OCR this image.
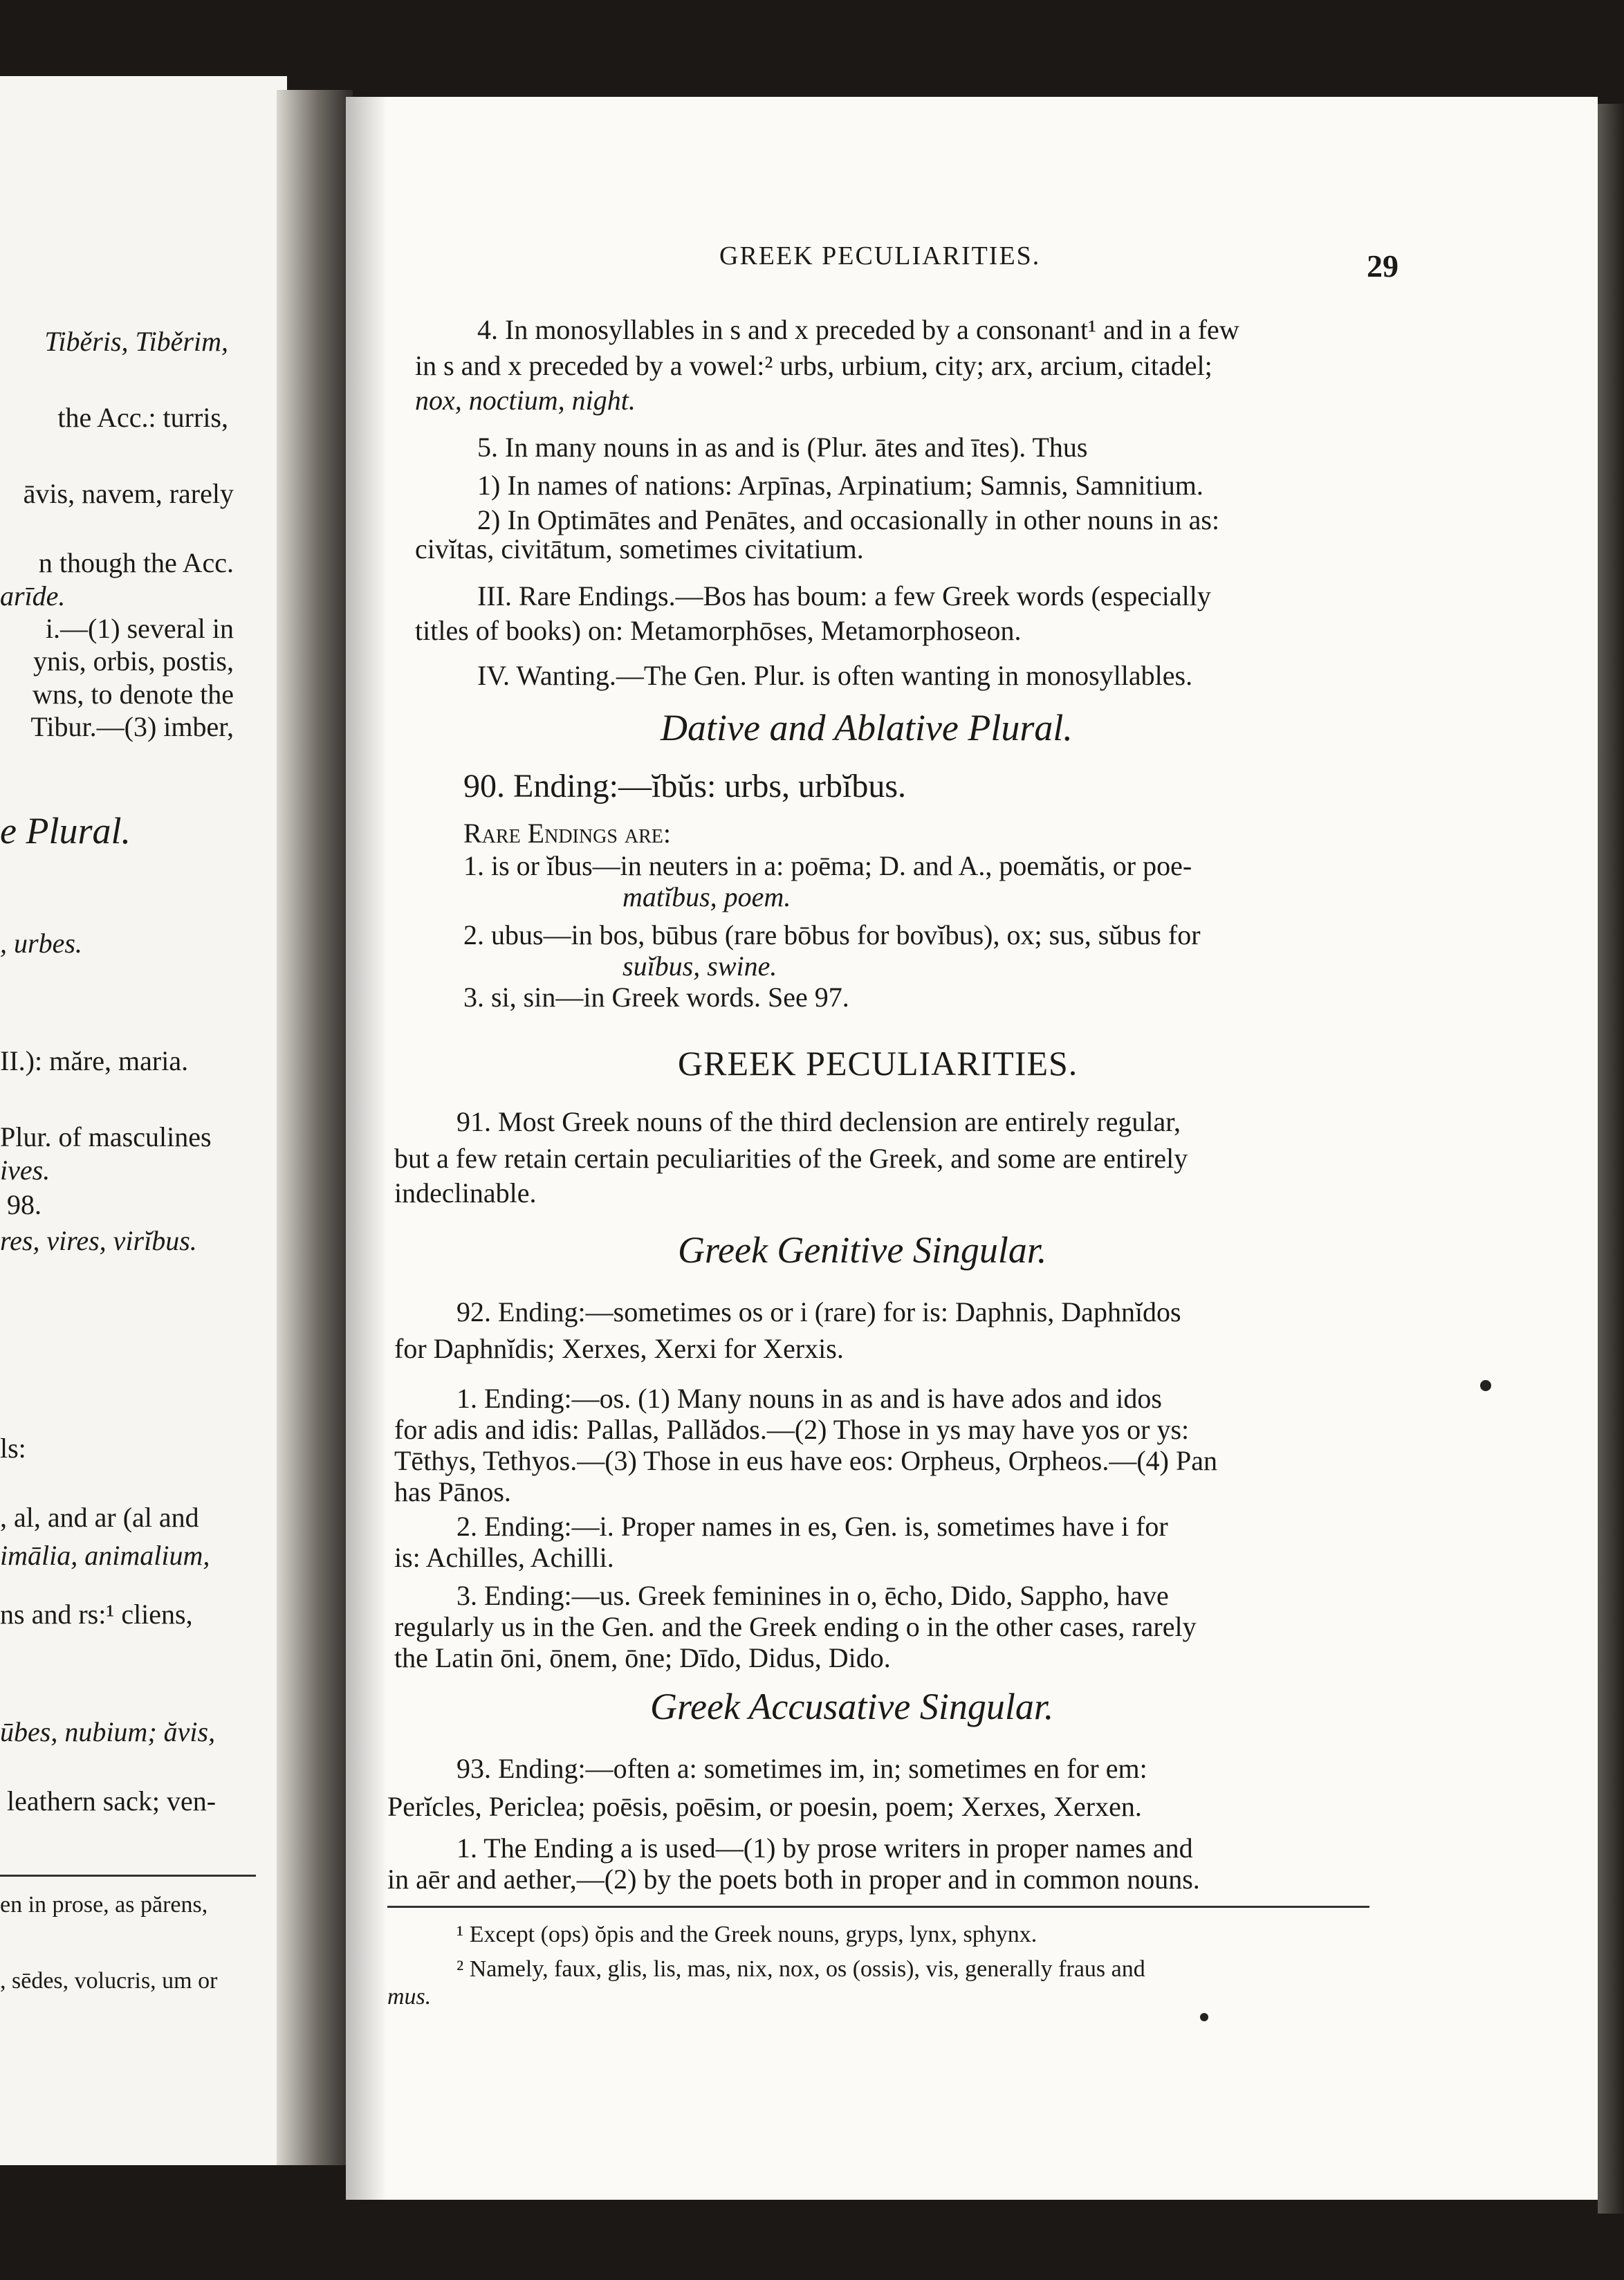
Tiběris, Tiběrim,
the Acc.: turris,
āvis, navem, rarely
n though the Acc.
arīde.
i.—(1) several in
ynis, orbis, postis,
wns, to denote the
Tibur.—(3) imber,
e Plural.
, urbes.
II.): măre, maria.
Plur. of masculines
ives.
98.
res, vires, virĭbus.
ls:
, al, and ar (al and
imālia, animalium,
ns and rs:¹ cliens,
ūbes, nubium; ăvis,
leathern sack; ven-
en in prose, as părens,
, sēdes, volucris, um or
GREEK PECULIARITIES.	29
4. In monosyllables in s and x preceded by a consonant¹ and in a few
in s and x preceded by a vowel:² urbs, urbium, city; arx, arcium, citadel;
nox, noctium, night.
5. In many nouns in as and is (Plur. ātes and ītes). Thus
1) In names of nations: Arpīnas, Arpinatium; Samnis, Samnitium.
2) In Optimātes and Penātes, and occasionally in other nouns in as:
civĭtas, civitātum, sometimes civitatium.
III. Rare Endings.—Bos has boum: a few Greek words (especially
titles of books) on: Metamorphōses, Metamorphoseon.
IV. Wanting.—The Gen. Plur. is often wanting in monosyllables.
Dative and Ablative Plural.
90. Ending:—ĭbŭs: urbs, urbĭbus.
Rare Endings are:
1. is or ĭbus—in neuters in a: poēma; D. and A., poemătis, or poe-
matĭbus, poem.
2. ubus—in bos, būbus (rare bōbus for bovĭbus), ox; sus, sŭbus for
suĭbus, swine.
3. si, sin—in Greek words. See 97.
GREEK PECULIARITIES.
91. Most Greek nouns of the third declension are entirely regular,
but a few retain certain peculiarities of the Greek, and some are entirely
indeclinable.
Greek Genitive Singular.
92. Ending:—sometimes os or i (rare) for is: Daphnis, Daphnĭdos
for Daphnĭdis; Xerxes, Xerxi for Xerxis.
1. Ending:—os. (1) Many nouns in as and is have ados and idos
for adis and idis: Pallas, Pallădos.—(2) Those in ys may have yos or ys:
Tēthys, Tethyos.—(3) Those in eus have eos: Orpheus, Orpheos.—(4) Pan
has Pānos.
2. Ending:—i. Proper names in es, Gen. is, sometimes have i for
is: Achilles, Achilli.
3. Ending:—us. Greek feminines in o, ēcho, Dido, Sappho, have
regularly us in the Gen. and the Greek ending o in the other cases, rarely
the Latin ōni, ōnem, ōne; Dīdo, Didus, Dido.
Greek Accusative Singular.
93. Ending:—often a: sometimes im, in; sometimes en for em:
Perĭcles, Periclea; poēsis, poēsim, or poesin, poem; Xerxes, Xerxen.
1. The Ending a is used—(1) by prose writers in proper names and
in aēr and aether,—(2) by the poets both in proper and in common nouns.
¹ Except (ops) ŏpis and the Greek nouns, gryps, lynx, sphynx.
² Namely, faux, glis, lis, mas, nix, nox, os (ossis), vis, generally fraus and
mus.
